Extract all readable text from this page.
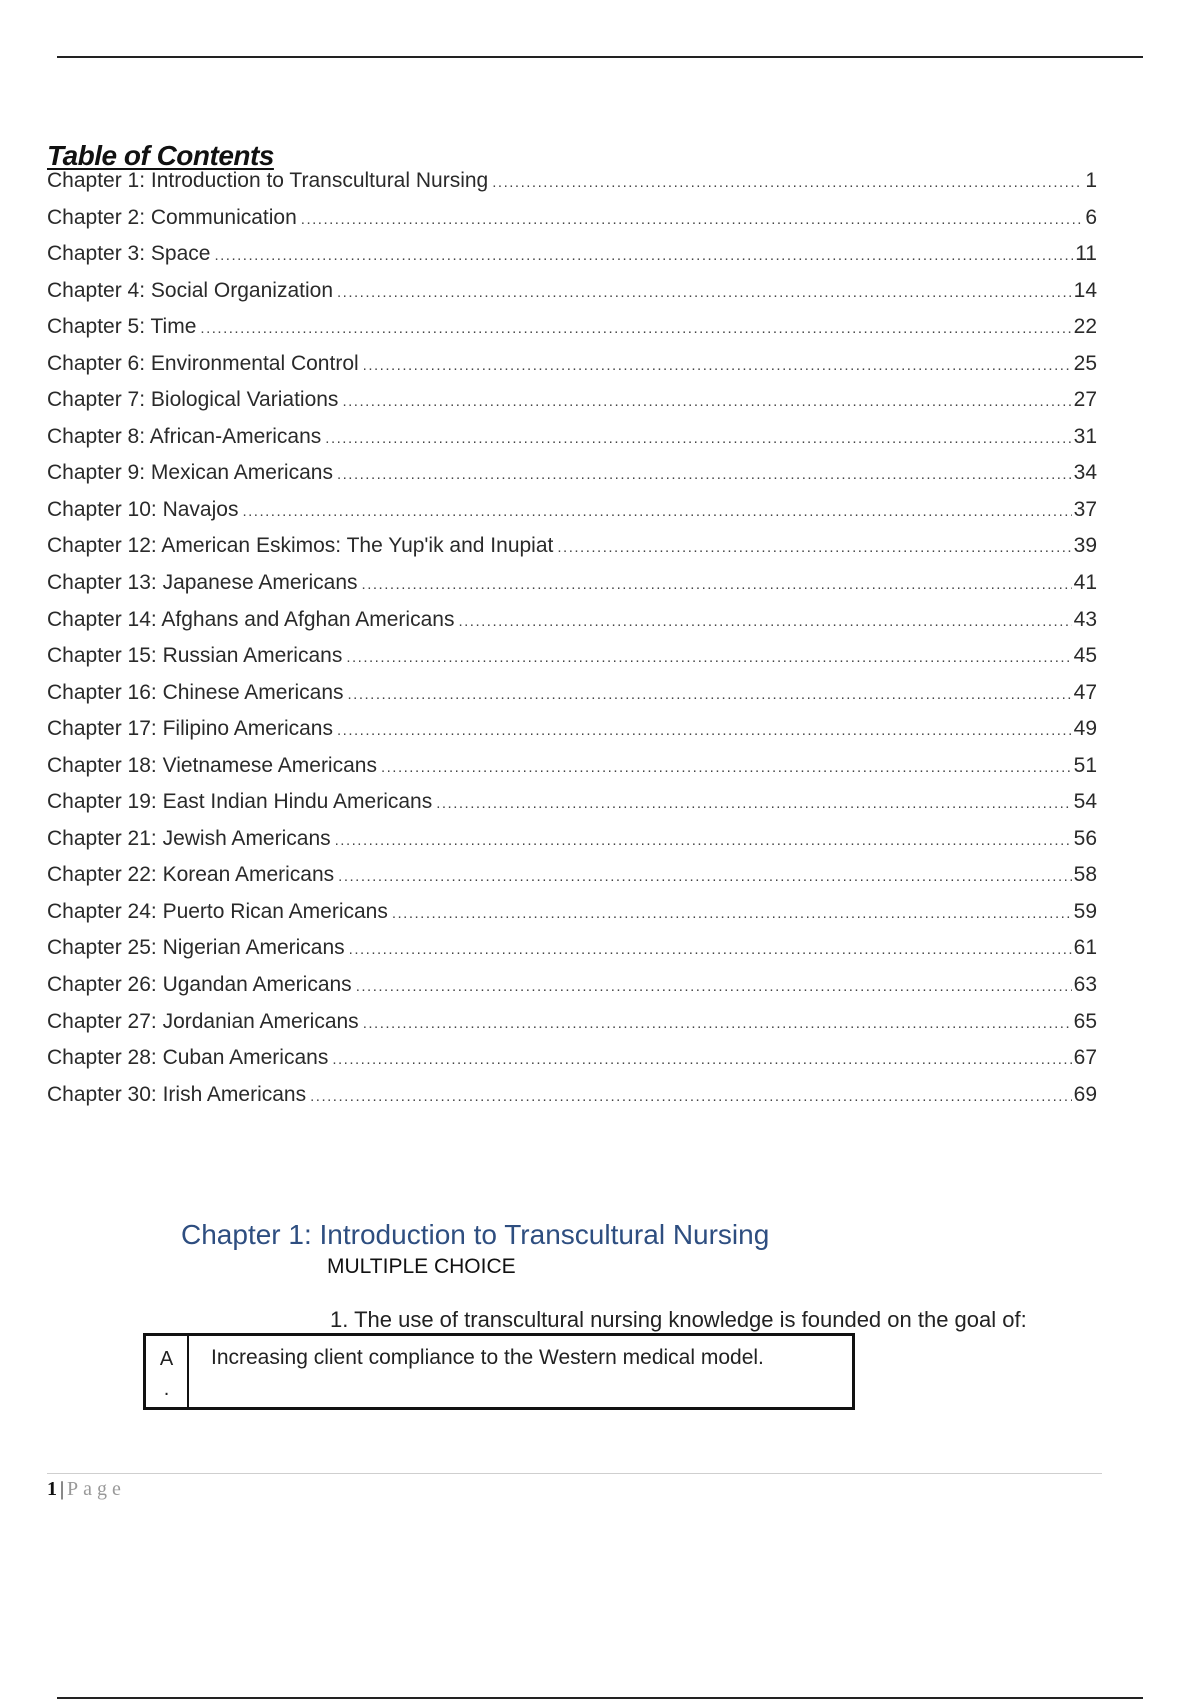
Table of Contents
Chapter 1: Introduction to Transcultural Nursing .....	1
Chapter 2: Communication .....	6
Chapter 3: Space .....	11
Chapter 4: Social Organization .....	14
Chapter 5: Time .....	22
Chapter 6: Environmental Control .....	25
Chapter 7: Biological Variations .....	27
Chapter 8: African-Americans .....	31
Chapter 9: Mexican Americans .....	34
Chapter 10: Navajos .....	37
Chapter 12: American Eskimos: The Yup'ik and Inupiat .....	39
Chapter 13: Japanese Americans .....	41
Chapter 14: Afghans and Afghan Americans .....	43
Chapter 15: Russian Americans .....	45
Chapter 16: Chinese Americans .....	47
Chapter 17: Filipino Americans .....	49
Chapter 18: Vietnamese Americans .....	51
Chapter 19: East Indian Hindu Americans .....	54
Chapter 21: Jewish Americans .....	56
Chapter 22: Korean Americans .....	58
Chapter 24: Puerto Rican Americans .....	59
Chapter 25: Nigerian Americans .....	61
Chapter 26: Ugandan Americans .....	63
Chapter 27: Jordanian Americans .....	65
Chapter 28: Cuban Americans .....	67
Chapter 30: Irish Americans .....	69
Chapter 1: Introduction to Transcultural Nursing
MULTIPLE CHOICE
1. The use of transcultural nursing knowledge is founded on the goal of:
A
.
Increasing client compliance to the Western medical model.
1 | Page
